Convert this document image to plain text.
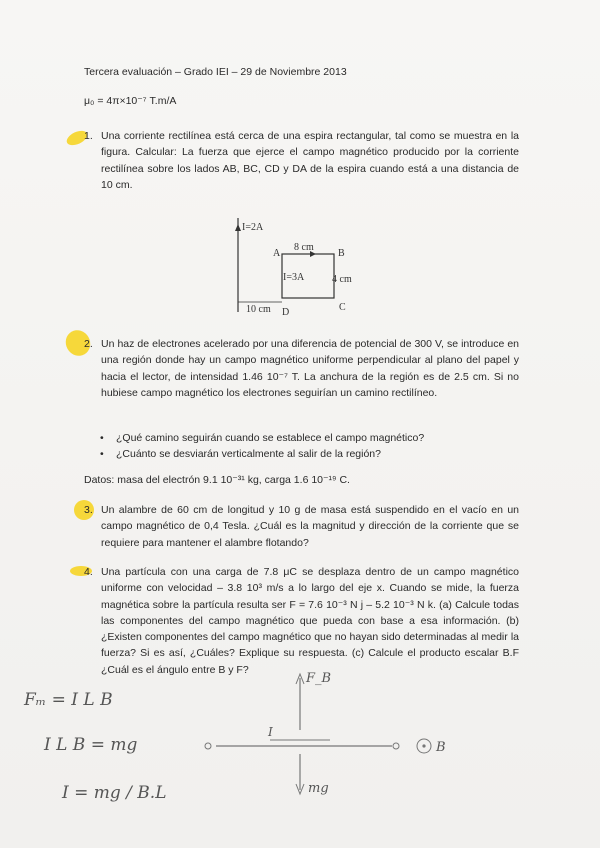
Tercera evaluación – Grado IEI – 29 de Noviembre 2013
μ₀ = 4π×10⁻⁷ T.m/A
1. Una corriente rectilínea está cerca de una espira rectangular, tal como se muestra en la figura. Calcular: La fuerza que ejerce el campo magnético producido por la corriente rectilínea sobre los lados AB, BC, CD y DA de la espira cuando está a una distancia de 10 cm.
I=2A
A	B
C
D
8 cm
I=3A	4 cm
10 cm
2. Un haz de electrones acelerado por una diferencia de potencial de 300 V, se introduce en una región donde hay un campo magnético uniforme perpendicular al plano del papel y hacia el lector, de intensidad 1.46 10⁻⁷ T. La anchura de la región es de 2.5 cm. Si no hubiese campo magnético los electrones seguirían un camino rectilíneo.
• ¿Qué camino seguirán cuando se establece el campo magnético?
• ¿Cuánto se desviarán verticalmente al salir de la región?
Datos: masa del electrón 9.1 10⁻³¹ kg, carga 1.6 10⁻¹⁹ C.
3. Un alambre de 60 cm de longitud y 10 g de masa está suspendido en el vacío en un campo magnético de 0,4 Tesla. ¿Cuál es la magnitud y dirección de la corriente que se requiere para mantener el alambre flotando?
4. Una partícula con una carga de 7.8 μC se desplaza dentro de un campo magnético uniforme con velocidad – 3.8 10³ m/s a lo largo del eje x. Cuando se mide, la fuerza magnética sobre la partícula resulta ser F = 7.6 10⁻³ N j – 5.2 10⁻³ N k. (a) Calcule todas las componentes del campo magnético que pueda con base a esa información. (b) ¿Existen componentes del campo magnético que no hayan sido determinadas al medir la fuerza? Si es así, ¿Cuáles? Explique su respuesta. (c) Calcule el producto escalar B.F ¿Cuál es el ángulo entre B y F?
Fₘ = I L B
I L B = mg
I = mg / B.L
I
F_B
mg
B
